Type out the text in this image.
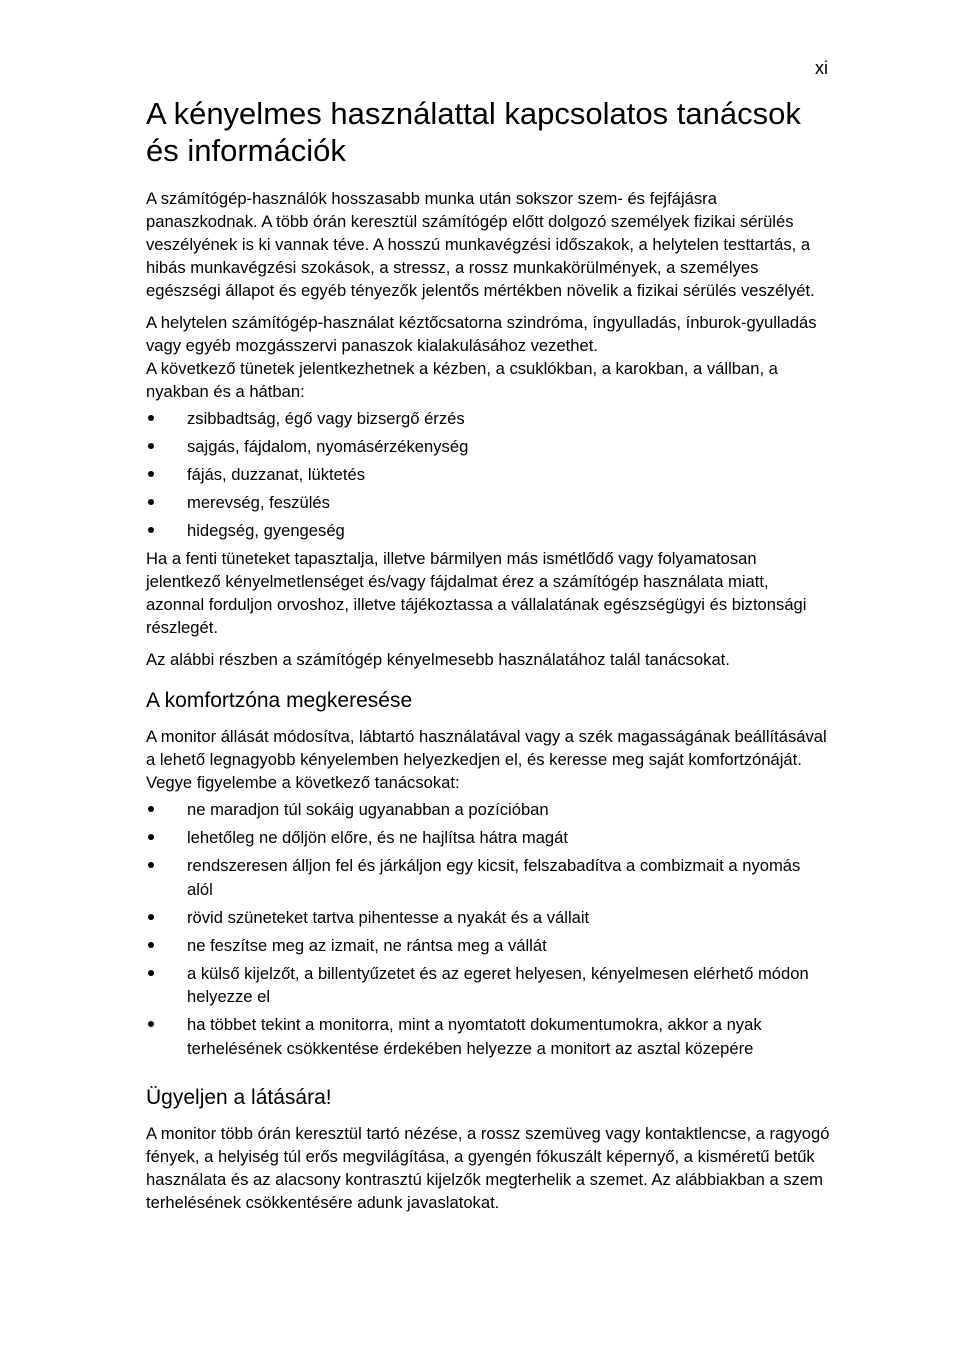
xi
A kényelmes használattal kapcsolatos tanácsok és információk

A számítógép-használók hosszasabb munka után sokszor szem- és fejfájásra panaszkodnak. A több órán keresztül számítógép előtt dolgozó személyek fizikai sérülés veszélyének is ki vannak téve. A hosszú munkavégzési időszakok, a helytelen testtartás, a hibás munkavégzési szokások, a stressz, a rossz munkakörülmények, a személyes egészségi állapot és egyéb tényezők jelentős mértékben növelik a fizikai sérülés veszélyét.

A helytelen számítógép-használat kéztőcsatorna szindróma, íngyulladás, ínburok-gyulladás vagy egyéb mozgásszervi panaszok kialakulásához vezethet.

A következő tünetek jelentkezhetnek a kézben, a csuklókban, a karokban, a vállban, a nyakban és a hátban:

zsibbadtság, égő vagy bizsergő érzés
sajgás, fájdalom, nyomásérzékenység
fájás, duzzanat, lüktetés
merevség, feszülés
hidegség, gyengeség

Ha a fenti tüneteket tapasztalja, illetve bármilyen más ismétlődő vagy folyamatosan jelentkező kényelmetlenséget és/vagy fájdalmat érez a számítógép használata miatt, azonnal forduljon orvoshoz, illetve tájékoztassa a vállalatának egészségügyi és biztonsági részlegét.

Az alábbi részben a számítógép kényelmesebb használatához talál tanácsokat.

A komfortzóna megkeresése

A monitor állását módosítva, lábtartó használatával vagy a szék magasságának beállításával a lehető legnagyobb kényelemben helyezkedjen el, és keresse meg saját komfortzónáját. Vegye figyelembe a következő tanácsokat:

ne maradjon túl sokáig ugyanabban a pozícióban
lehetőleg ne dőljön előre, és ne hajlítsa hátra magát
rendszeresen álljon fel és járkáljon egy kicsit, felszabadítva a combizmait a nyomás alól
rövid szüneteket tartva pihentesse a nyakát és a vállait
ne feszítse meg az izmait, ne rántsa meg a vállát
a külső kijelzőt, a billentyűzetet és az egeret helyesen, kényelmesen elérhető módon helyezze el
ha többet tekint a monitorra, mint a nyomtatott dokumentumokra, akkor a nyak terhelésének csökkentése érdekében helyezze a monitort az asztal közepére
Ügyeljen a látására!

A monitor több órán keresztül tartó nézése, a rossz szemüveg vagy kontaktlencse, a ragyogó fények, a helyiség túl erős megvilágítása, a gyengén fókuszált képernyő, a kisméretű betűk használata és az alacsony kontrasztú kijelzők megterhelik a szemet. Az alábbiakban a szem terhelésének csökkentésére adunk javaslatokat.
